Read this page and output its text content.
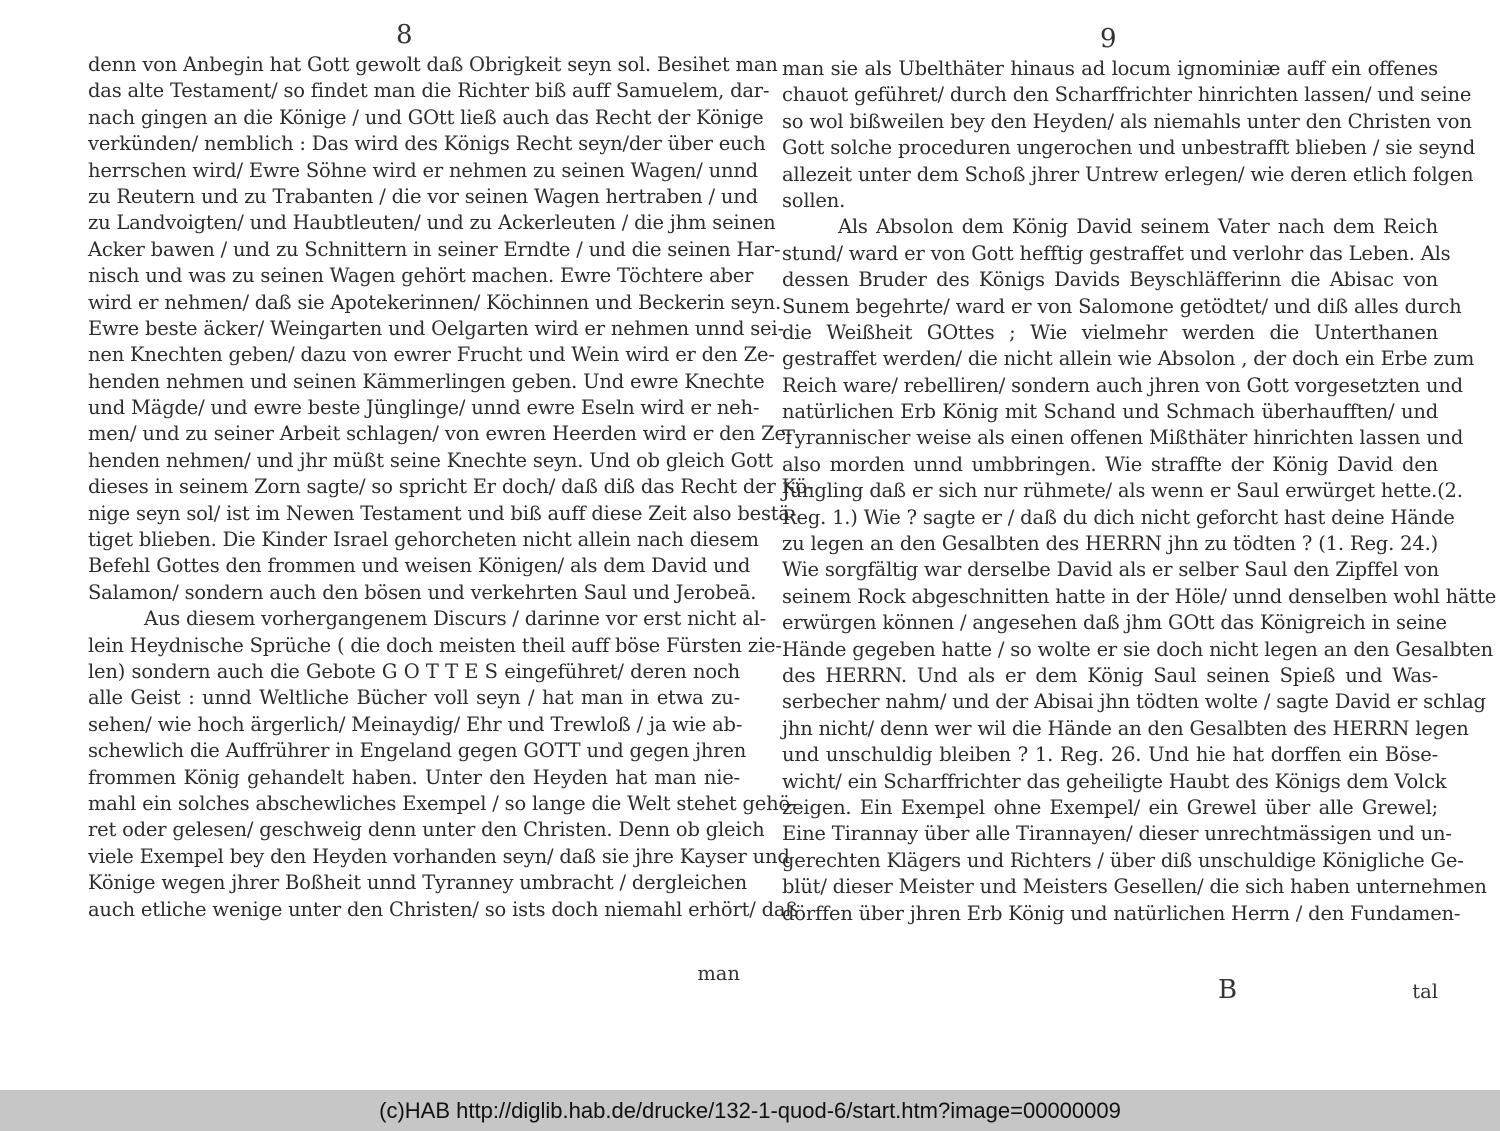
8
denn von Anbegin hat Gott gewolt daß Obrigkeit seyn sol. Besihet man
das alte Testament/ so findet man die Richter biß auff Samuelem, dar-
nach gingen an die Könige / und GOtt ließ auch das Recht der Könige
verkünden/ nemblich : Das wird des Königs Recht seyn/der über euch
herrschen wird/ Ewre Söhne wird er nehmen zu seinen Wagen/ unnd
zu Reutern und zu Trabanten / die vor seinen Wagen hertraben / und
zu Landvoigten/ und Haubtleuten/ und zu Ackerleuten / die jhm seinen
Acker bawen / und zu Schnittern in seiner Erndte / und die seinen Har-
nisch und was zu seinen Wagen gehört machen. Ewre Töchtere aber
wird er nehmen/ daß sie Apotekerinnen/ Köchinnen und Beckerin seyn.
Ewre beste äcker/ Weingarten und Oelgarten wird er nehmen unnd sei-
nen Knechten geben/ dazu von ewrer Frucht und Wein wird er den Ze-
henden nehmen und seinen Kämmerlingen geben. Und ewre Knechte
und Mägde/ und ewre beste Jünglinge/ unnd ewre Eseln wird er neh-
men/ und zu seiner Arbeit schlagen/ von ewren Heerden wird er den Ze-
henden nehmen/ und jhr müßt seine Knechte seyn. Und ob gleich Gott
dieses in seinem Zorn sagte/ so spricht Er doch/ daß diß das Recht der Kö-
nige seyn sol/ ist im Newen Testament und biß auff diese Zeit also bestä-
tiget blieben. Die Kinder Israel gehorcheten nicht allein nach diesem
Befehl Gottes den frommen und weisen Königen/ als dem David und
Salamon/ sondern auch den bösen und verkehrten Saul und Jerobeā.
Aus diesem vorhergangenem Discurs / darinne vor erst nicht al-
lein Heydnische Sprüche ( die doch meisten theil auff böse Fürsten zie-
len) sondern auch die Gebote G O T T E S eingeführet/ deren noch
alle Geist : unnd Weltliche Bücher voll seyn / hat man in etwa zu-
sehen/ wie hoch ärgerlich/ Meinaydig/ Ehr und Trewloß / ja wie ab-
schewlich die Auffrührer in Engeland gegen GOTT und gegen jhren
frommen König gehandelt haben. Unter den Heyden hat man nie-
mahl ein solches abschewliches Exempel / so lange die Welt stehet gehö-
ret oder gelesen/ geschweig denn unter den Christen. Denn ob gleich
viele Exempel bey den Heyden vorhanden seyn/ daß sie jhre Kayser und
Könige wegen jhrer Boßheit unnd Tyranney umbracht / dergleichen
auch etliche wenige unter den Christen/ so ists doch niemahl erhört/ daß
man
9
man sie als Ubelthäter hinaus ad locum ignominiæ auff ein offenes
chauot geführet/ durch den Scharffrichter hinrichten lassen/ und seine
so wol bißweilen bey den Heyden/ als niemahls unter den Christen von
Gott solche proceduren ungerochen und unbestrafft blieben / sie seynd
allezeit unter dem Schoß jhrer Untrew erlegen/ wie deren etlich folgen
sollen.
Als Absolon dem König David seinem Vater nach dem Reich
stund/ ward er von Gott hefftig gestraffet und verlohr das Leben. Als
dessen Bruder des Königs Davids Beyschläfferinn die Abisac von
Sunem begehrte/ ward er von Salomone getödtet/ und diß alles durch
die Weißheit GOttes ; Wie vielmehr werden die Unterthanen
gestraffet werden/ die nicht allein wie Absolon , der doch ein Erbe zum
Reich ware/ rebelliren/ sondern auch jhren von Gott vorgesetzten und
natürlichen Erb König mit Schand und Schmach überhaufften/ und
Tyrannischer weise als einen offenen Mißthäter hinrichten lassen und
also morden unnd umbbringen. Wie straffte der König David den
Jüngling daß er sich nur rühmete/ als wenn er Saul erwürget hette.(2.
Reg. 1.) Wie ? sagte er / daß du dich nicht geforcht hast deine Hände
zu legen an den Gesalbten des HERRN jhn zu tödten ? (1. Reg. 24.)
Wie sorgfältig war derselbe David als er selber Saul den Zipffel von
seinem Rock abgeschnitten hatte in der Höle/ unnd denselben wohl hätte
erwürgen können / angesehen daß jhm GOtt das Königreich in seine
Hände gegeben hatte / so wolte er sie doch nicht legen an den Gesalbten
des HERRN. Und als er dem König Saul seinen Spieß und Was-
serbecher nahm/ und der Abisai jhn tödten wolte / sagte David er schlag
jhn nicht/ denn wer wil die Hände an den Gesalbten des HERRN legen
und unschuldig bleiben ? 1. Reg. 26. Und hie hat dorffen ein Böse-
wicht/ ein Scharffrichter das geheiligte Haubt des Königs dem Volck
zeigen. Ein Exempel ohne Exempel/ ein Grewel über alle Grewel;
Eine Tirannay über alle Tirannayen/ dieser unrechtmässigen und un-
gerechten Klägers und Richters / über diß unschuldige Königliche Ge-
blüt/ dieser Meister und Meisters Gesellen/ die sich haben unternehmen
dörffen über jhren Erb König und natürlichen Herrn / den Fundamen-
B	tal
(c)HAB http://diglib.hab.de/drucke/132-1-quod-6/start.htm?image=00000009
